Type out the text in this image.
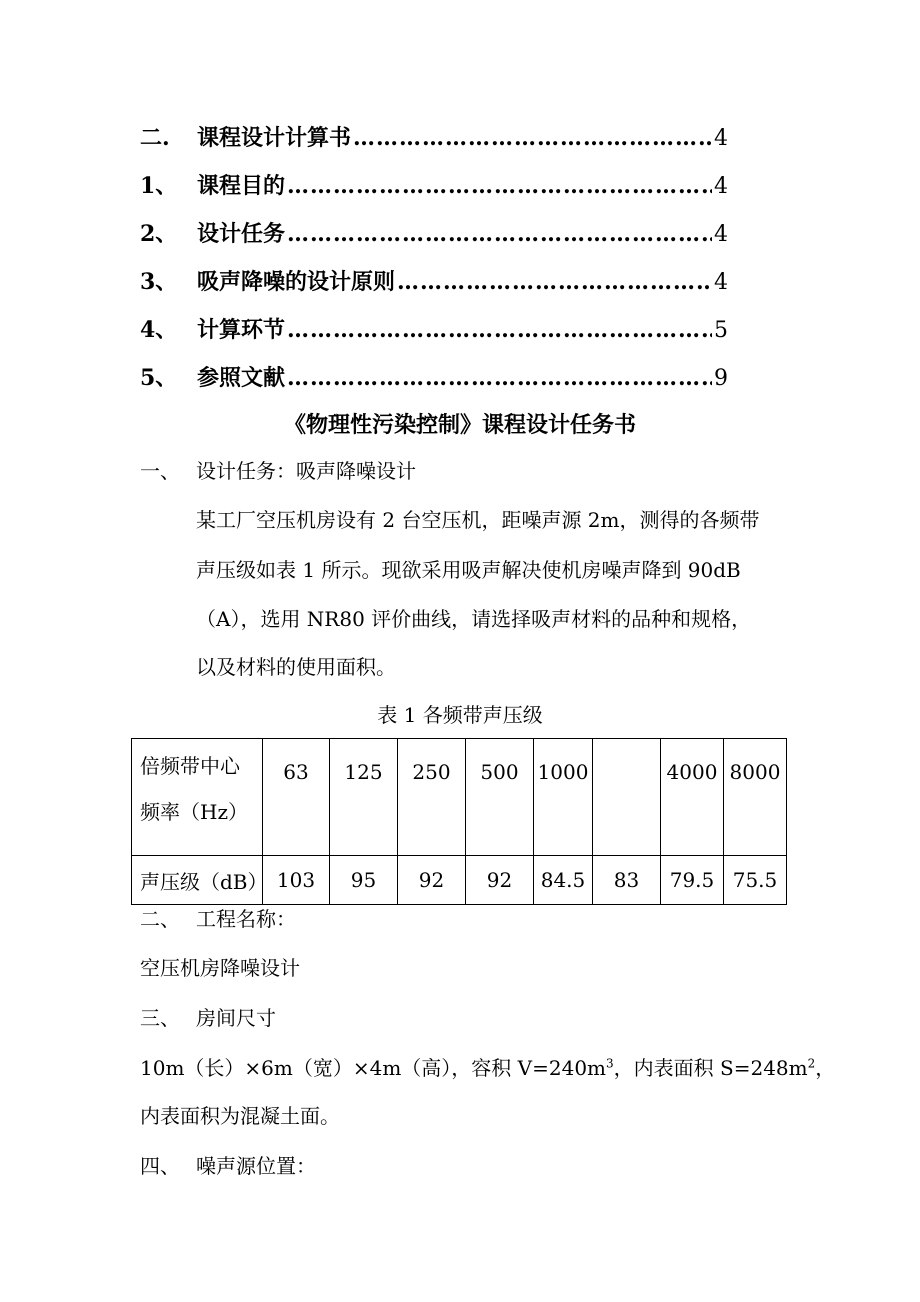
二.	课程设计计算书 ……………………………………………………………………………………………………………………………………………………	4
1、 课程目的 ……………………………………………………………………………………………………………………………………………………	4
2、 设计任务 ……………………………………………………………………………………………………………………………………………………	4
3、 吸声降噪的设计原则 ……………………………………………………………………………………………………………………………………………………	4
4、 计算环节 ……………………………………………………………………………………………………………………………………………………	5
5、 参照文献 ……………………………………………………………………………………………………………………………………………………	9
《物理性污染控制》课程设计任务书
一、 设计任务：吸声降噪设计
某工厂空压机房设有 2 台空压机，距噪声源 2m，测得的各频带
声压级如表 1 所示。现欲采用吸声解决使机房噪声降到 90dB
（A），选用 NR80 评价曲线，请选择吸声材料的品种和规格，
以及材料的使用面积。
表 1 各频带声压级
倍频带中心
频率（Hz）	63	125	250	500	1000		4000	8000
声压级（dB）	103	95	92	92	84.5	83	79.5	75.5
二、 工程名称：
空压机房降噪设计
三、 房间尺寸
10m（长）×6m（宽）×4m（高），容积 $V=240m^3$，内表面积 $S=248m^2$，
内表面积为混凝土面。
四、 噪声源位置：
